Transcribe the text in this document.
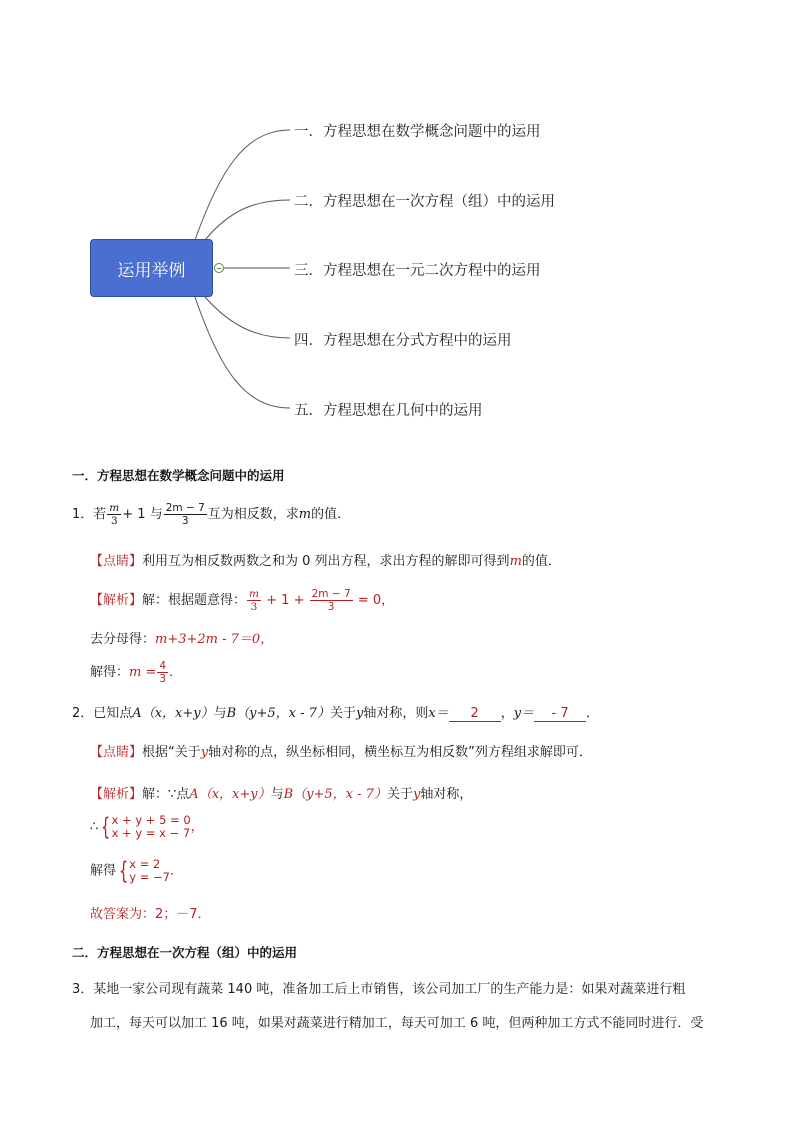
运用举例
一．方程思想在数学概念问题中的运用
二．方程思想在一次方程（组）中的运用
三．方程思想在一元二次方程中的运用
四．方程思想在分式方程中的运用
五．方程思想在几何中的运用
一．方程思想在数学概念问题中的运用
1．若 $\frac{m}{3} + 1$ 与 $\frac{2m - 7}{3}$ 互为相反数，求m的值．
【点睛】利用互为相反数两数之和为 0 列出方程，求出方程的解即可得到m的值．
【解析】解：根据题意得： $\frac{m}{3} + 1 + \frac{2m - 7}{3} = 0$，
去分母得：m+3+2m - 7＝0，
解得：$m = \frac{4}{3}$ ．
2．已知点A（x，x+y）与B（y+5，x - 7）关于y轴对称，则x＝ 2 ，y＝ - 7 ．
【点睛】根据“关于y轴对称的点，纵坐标相同，横坐标互为相反数”列方程组求解即可．
【解析】解：∵点A（x，x+y）与B（y+5，x - 7）关于y轴对称，
∴ { x + y + 5 = 0
x + y = x − 7 ，
解得 { x = 2
y = −7 ．
故答案为：2；－7．
二．方程思想在一次方程（组）中的运用
3．某地一家公司现有蔬菜 140 吨，准备加工后上市销售，该公司加工厂的生产能力是：如果对蔬菜进行粗
加工，每天可以加工 16 吨，如果对蔬菜进行精加工，每天可加工 6 吨，但两种加工方式不能同时进行．受
